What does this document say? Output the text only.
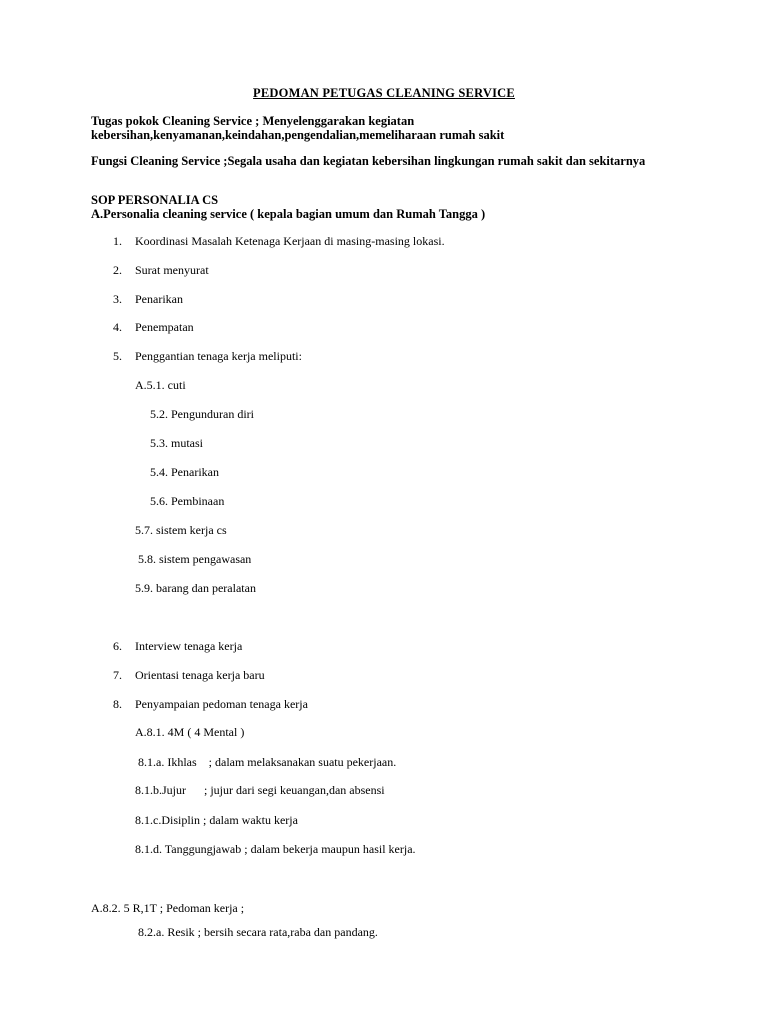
PEDOMAN PETUGAS CLEANING SERVICE
Tugas pokok Cleaning Service ; Menyelenggarakan kegiatan kebersihan,kenyamanan,keindahan,pengendalian,memeliharaan rumah sakit
Fungsi Cleaning Service ;Segala usaha dan kegiatan kebersihan lingkungan rumah sakit dan sekitarnya
SOP PERSONALIA CS
A.Personalia cleaning service ( kepala bagian umum dan Rumah Tangga )
1. Koordinasi Masalah Ketenaga Kerjaan di masing-masing lokasi.
2. Surat menyurat
3. Penarikan
4. Penempatan
5. Penggantian tenaga kerja meliputi:
A.5.1. cuti
5.2. Pengunduran diri
5.3. mutasi
5.4. Penarikan
5.6. Pembinaan
5.7. sistem kerja cs
5.8. sistem pengawasan
5.9. barang dan peralatan
6. Interview tenaga kerja
7. Orientasi tenaga kerja baru
8. Penyampaian pedoman tenaga kerja
A.8.1. 4M ( 4 Mental )
8.1.a. Ikhlas    ; dalam melaksanakan suatu pekerjaan.
8.1.b.Jujur      ; jujur dari segi keuangan,dan absensi
8.1.c.Disiplin ; dalam waktu kerja
8.1.d. Tanggungjawab ; dalam bekerja maupun hasil kerja.
A.8.2. 5 R,1T ; Pedoman kerja ;
8.2.a. Resik ; bersih secara rata,raba dan pandang.
